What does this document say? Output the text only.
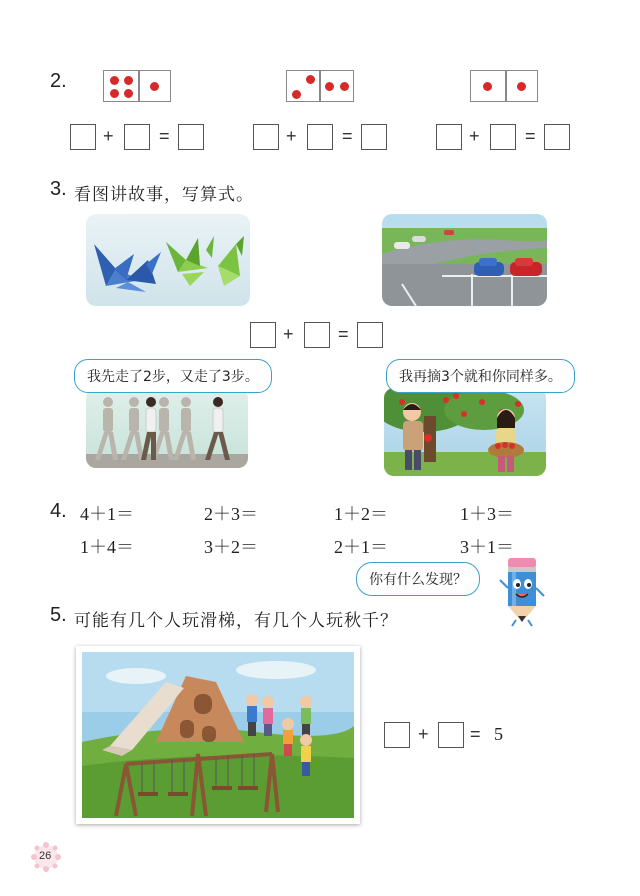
2.
+	=	+	=	+	=
3. 看图讲故事，写算式。
+ =
我先走了2步，又走了3步。	我再摘3个就和你同样多。
4. 4＋1＝	2＋3＝	1＋2＝	1＋3＝
1＋4＝	3＋2＝	2＋1＝	3＋1＝
你有什么发现？
5. 可能有几个人玩滑梯，有几个人玩秋千？
+ = 5
26
